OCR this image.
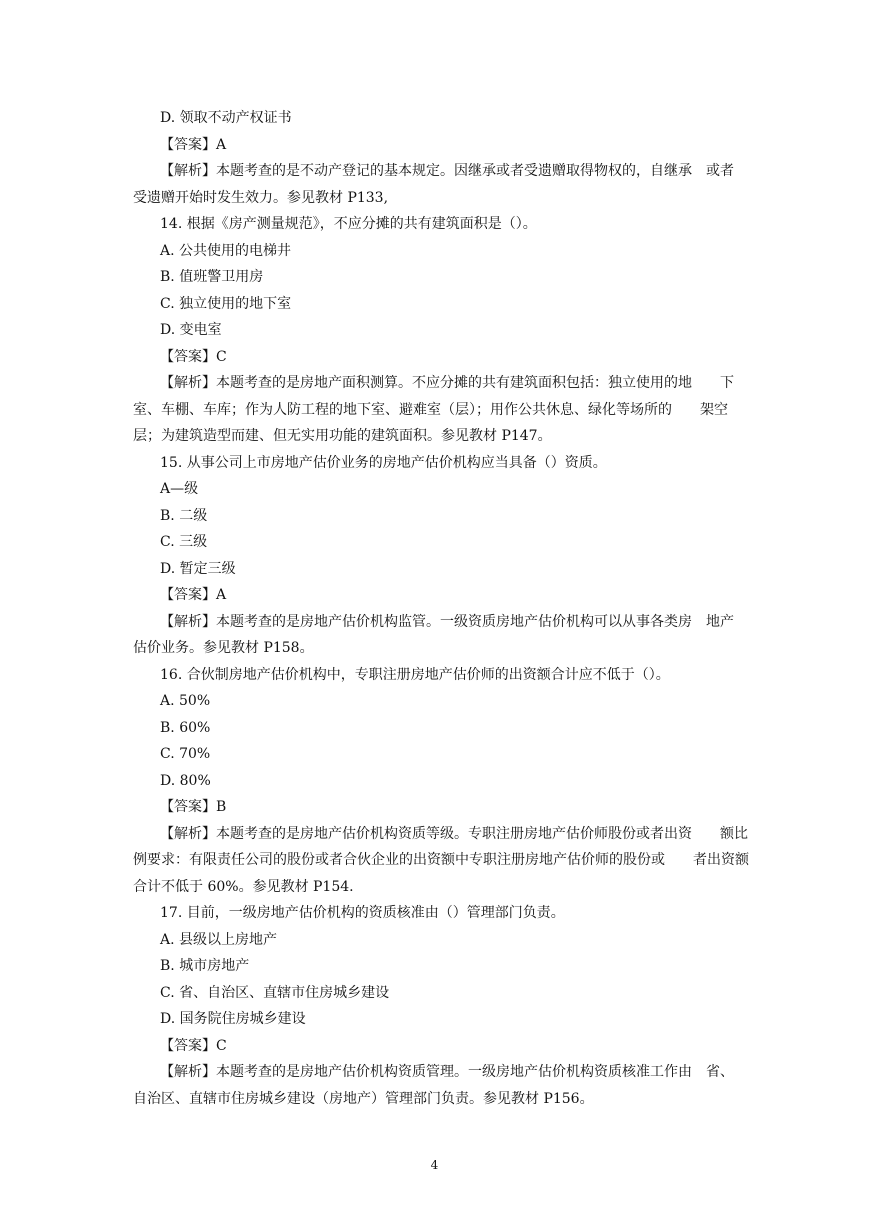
D. 领取不动产权证书
【答案】A
【解析】本题考查的是不动产登记的基本规定。因继承或者受遗赠取得物权的，自继承　或者
受遗赠开始时发生效力。参见教材 P133,
14. 根据《房产测量规范》，不应分摊的共有建筑面积是（）。
A. 公共使用的电梯井
B. 值班警卫用房
C. 独立使用的地下室
D. 变电室
【答案】C
【解析】本题考查的是房地产面积测算。不应分摊的共有建筑面积包括：独立使用的地　　下
室、车棚、车库；作为人防工程的地下室、避难室（层）；用作公共休息、绿化等场所的　　架空
层；为建筑造型而建、但无实用功能的建筑面积。参见教材 P147。
15. 从事公司上市房地产估价业务的房地产估价机构应当具备（）资质。
A—级
B. 二级
C. 三级
D. 暂定三级
【答案】A
【解析】本题考查的是房地产估价机构监管。一级资质房地产估价机构可以从事各类房　地产
估价业务。参见教材 P158。
16. 合伙制房地产估价机构中，专职注册房地产估价师的出资额合计应不低于（）。
A. 50%
B. 60%
C. 70%
D. 80%
【答案】B
【解析】本题考查的是房地产估价机构资质等级。专职注册房地产估价师股份或者出资　　额比
例要求：有限责任公司的股份或者合伙企业的出资额中专职注册房地产估价师的股份或　　者出资额
合计不低于 60%。参见教材 P154.
17. 目前，一级房地产估价机构的资质核准由（）管理部门负责。
A. 县级以上房地产
B. 城市房地产
C. 省、自治区、直辖市住房城乡建设
D. 国务院住房城乡建设
【答案】C
【解析】本题考查的是房地产估价机构资质管理。一级房地产估价机构资质核准工作由　省、
自治区、直辖市住房城乡建设（房地产）管理部门负责。参见教材 P156。
4
